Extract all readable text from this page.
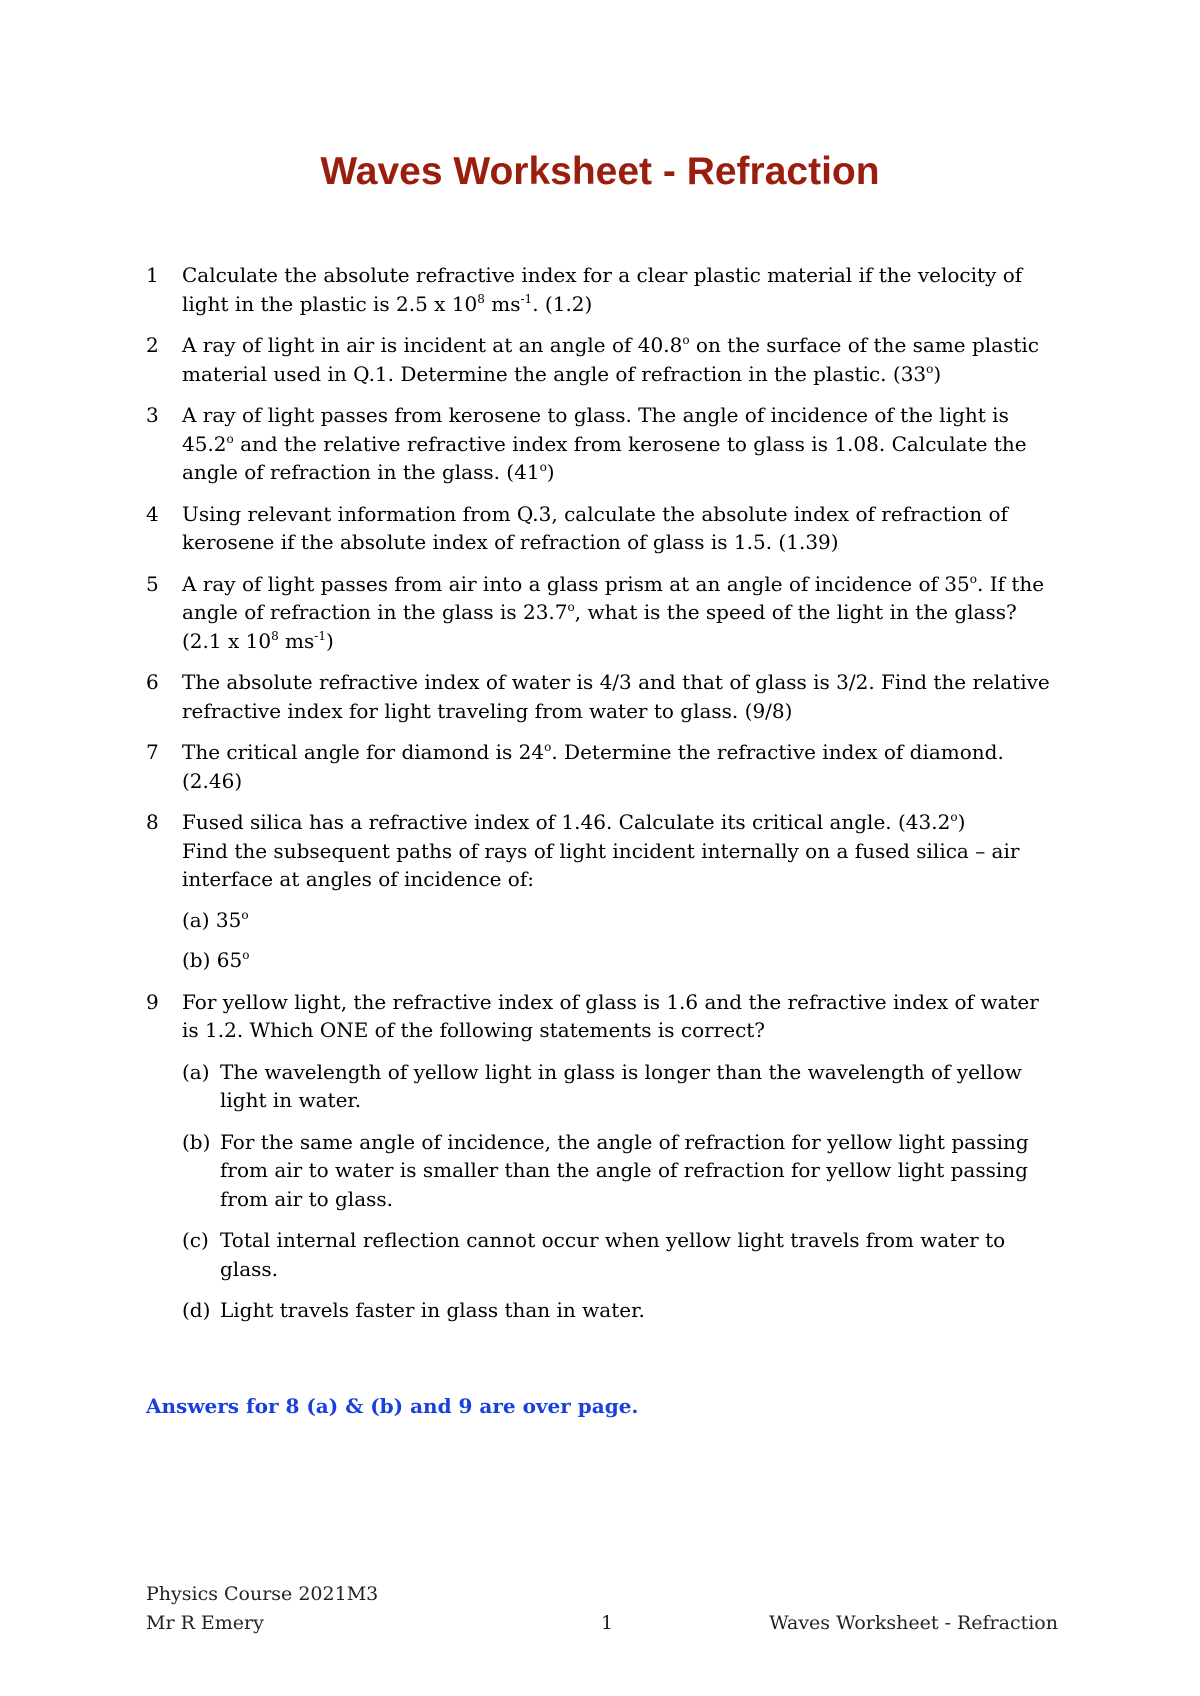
Waves Worksheet - Refraction
1 Calculate the absolute refractive index for a clear plastic material if the velocity of light in the plastic is 2.5 x $10^8$ $ms^{-1}$. (1.2)
2 A ray of light in air is incident at an angle of 40.8$^o$ on the surface of the same plastic material used in Q.1. Determine the angle of refraction in the plastic. (33$^o$)
3 A ray of light passes from kerosene to glass. The angle of incidence of the light is 45.2$^o$ and the relative refractive index from kerosene to glass is 1.08. Calculate the angle of refraction in the glass. (41$^o$)
4 Using relevant information from Q.3, calculate the absolute index of refraction of kerosene if the absolute index of refraction of glass is 1.5. (1.39)
5 A ray of light passes from air into a glass prism at an angle of incidence of 35$^o$. If the angle of refraction in the glass is 23.7$^o$, what is the speed of the light in the glass? (2.1 x $10^8$ $ms^{-1}$)
6 The absolute refractive index of water is 4/3 and that of glass is 3/2. Find the relative refractive index for light traveling from water to glass. (9/8)
7 The critical angle for diamond is 24$^o$. Determine the refractive index of diamond. (2.46)
8 Fused silica has a refractive index of 1.46. Calculate its critical angle. (43.2$^o$)
Find the subsequent paths of rays of light incident internally on a fused silica – air interface at angles of incidence of:
(a) 35$^o$
(b) 65$^o$
9 For yellow light, the refractive index of glass is 1.6 and the refractive index of water is 1.2. Which ONE of the following statements is correct?
(a) The wavelength of yellow light in glass is longer than the wavelength of yellow light in water.
(b) For the same angle of incidence, the angle of refraction for yellow light passing from air to water is smaller than the angle of refraction for yellow light passing from air to glass.
(c) Total internal reflection cannot occur when yellow light travels from water to glass.
(d) Light travels faster in glass than in water.
Answers for 8 (a) & (b) and 9 are over page.
Physics Course 2021M3
Mr R Emery	1	Waves Worksheet - Refraction
